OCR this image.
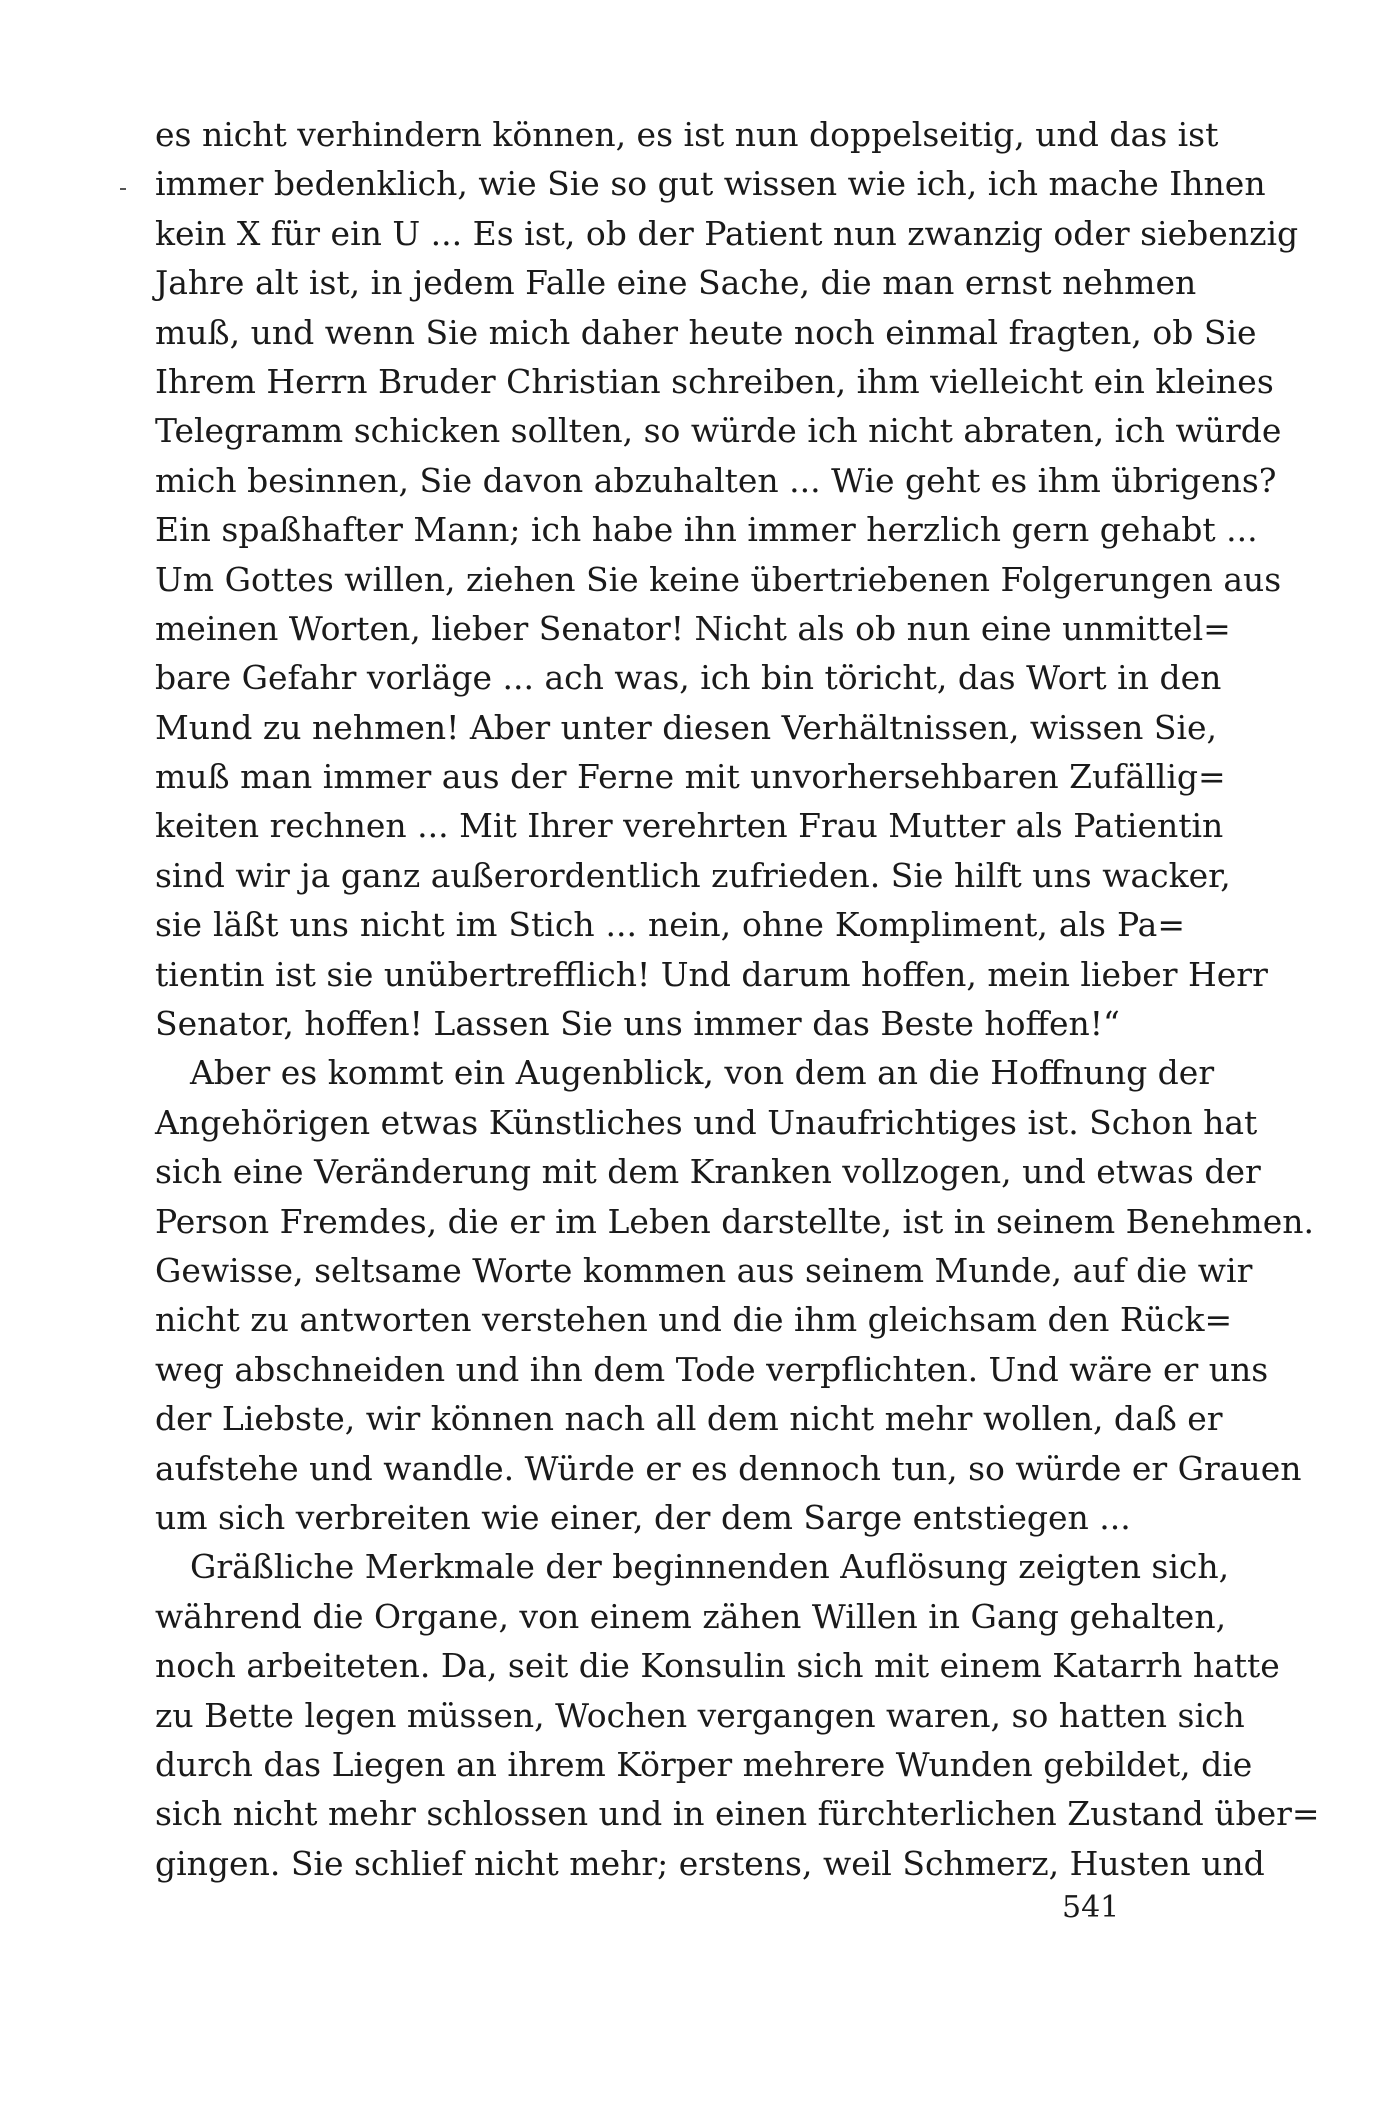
es nicht verhindern können, es ist nun doppelseitig, und das ist
immer bedenklich, wie Sie so gut wissen wie ich, ich mache Ihnen
kein X für ein U ... Es ist, ob der Patient nun zwanzig oder siebenzig
Jahre alt ist, in jedem Falle eine Sache, die man ernst nehmen
muß, und wenn Sie mich daher heute noch einmal fragten, ob Sie
Ihrem Herrn Bruder Christian schreiben, ihm vielleicht ein kleines
Telegramm schicken sollten, so würde ich nicht abraten, ich würde
mich besinnen, Sie davon abzuhalten ... Wie geht es ihm übrigens?
Ein spaßhafter Mann; ich habe ihn immer herzlich gern gehabt ...
Um Gottes willen, ziehen Sie keine übertriebenen Folgerungen aus
meinen Worten, lieber Senator! Nicht als ob nun eine unmittel=
bare Gefahr vorläge ... ach was, ich bin töricht, das Wort in den
Mund zu nehmen! Aber unter diesen Verhältnissen, wissen Sie,
muß man immer aus der Ferne mit unvorhersehbaren Zufällig=
keiten rechnen ... Mit Ihrer verehrten Frau Mutter als Patientin
sind wir ja ganz außerordentlich zufrieden. Sie hilft uns wacker,
sie läßt uns nicht im Stich ... nein, ohne Kompliment, als Pa=
tientin ist sie unübertrefflich! Und darum hoffen, mein lieber Herr
Senator, hoffen! Lassen Sie uns immer das Beste hoffen!“
Aber es kommt ein Augenblick, von dem an die Hoffnung der
Angehörigen etwas Künstliches und Unaufrichtiges ist. Schon hat
sich eine Veränderung mit dem Kranken vollzogen, und etwas der
Person Fremdes, die er im Leben darstellte, ist in seinem Benehmen.
Gewisse, seltsame Worte kommen aus seinem Munde, auf die wir
nicht zu antworten verstehen und die ihm gleichsam den Rück=
weg abschneiden und ihn dem Tode verpflichten. Und wäre er uns
der Liebste, wir können nach all dem nicht mehr wollen, daß er
aufstehe und wandle. Würde er es dennoch tun, so würde er Grauen
um sich verbreiten wie einer, der dem Sarge entstiegen ...
Gräßliche Merkmale der beginnenden Auflösung zeigten sich,
während die Organe, von einem zähen Willen in Gang gehalten,
noch arbeiteten. Da, seit die Konsulin sich mit einem Katarrh hatte
zu Bette legen müssen, Wochen vergangen waren, so hatten sich
durch das Liegen an ihrem Körper mehrere Wunden gebildet, die
sich nicht mehr schlossen und in einen fürchterlichen Zustand über=
gingen. Sie schlief nicht mehr; erstens, weil Schmerz, Husten und
541
